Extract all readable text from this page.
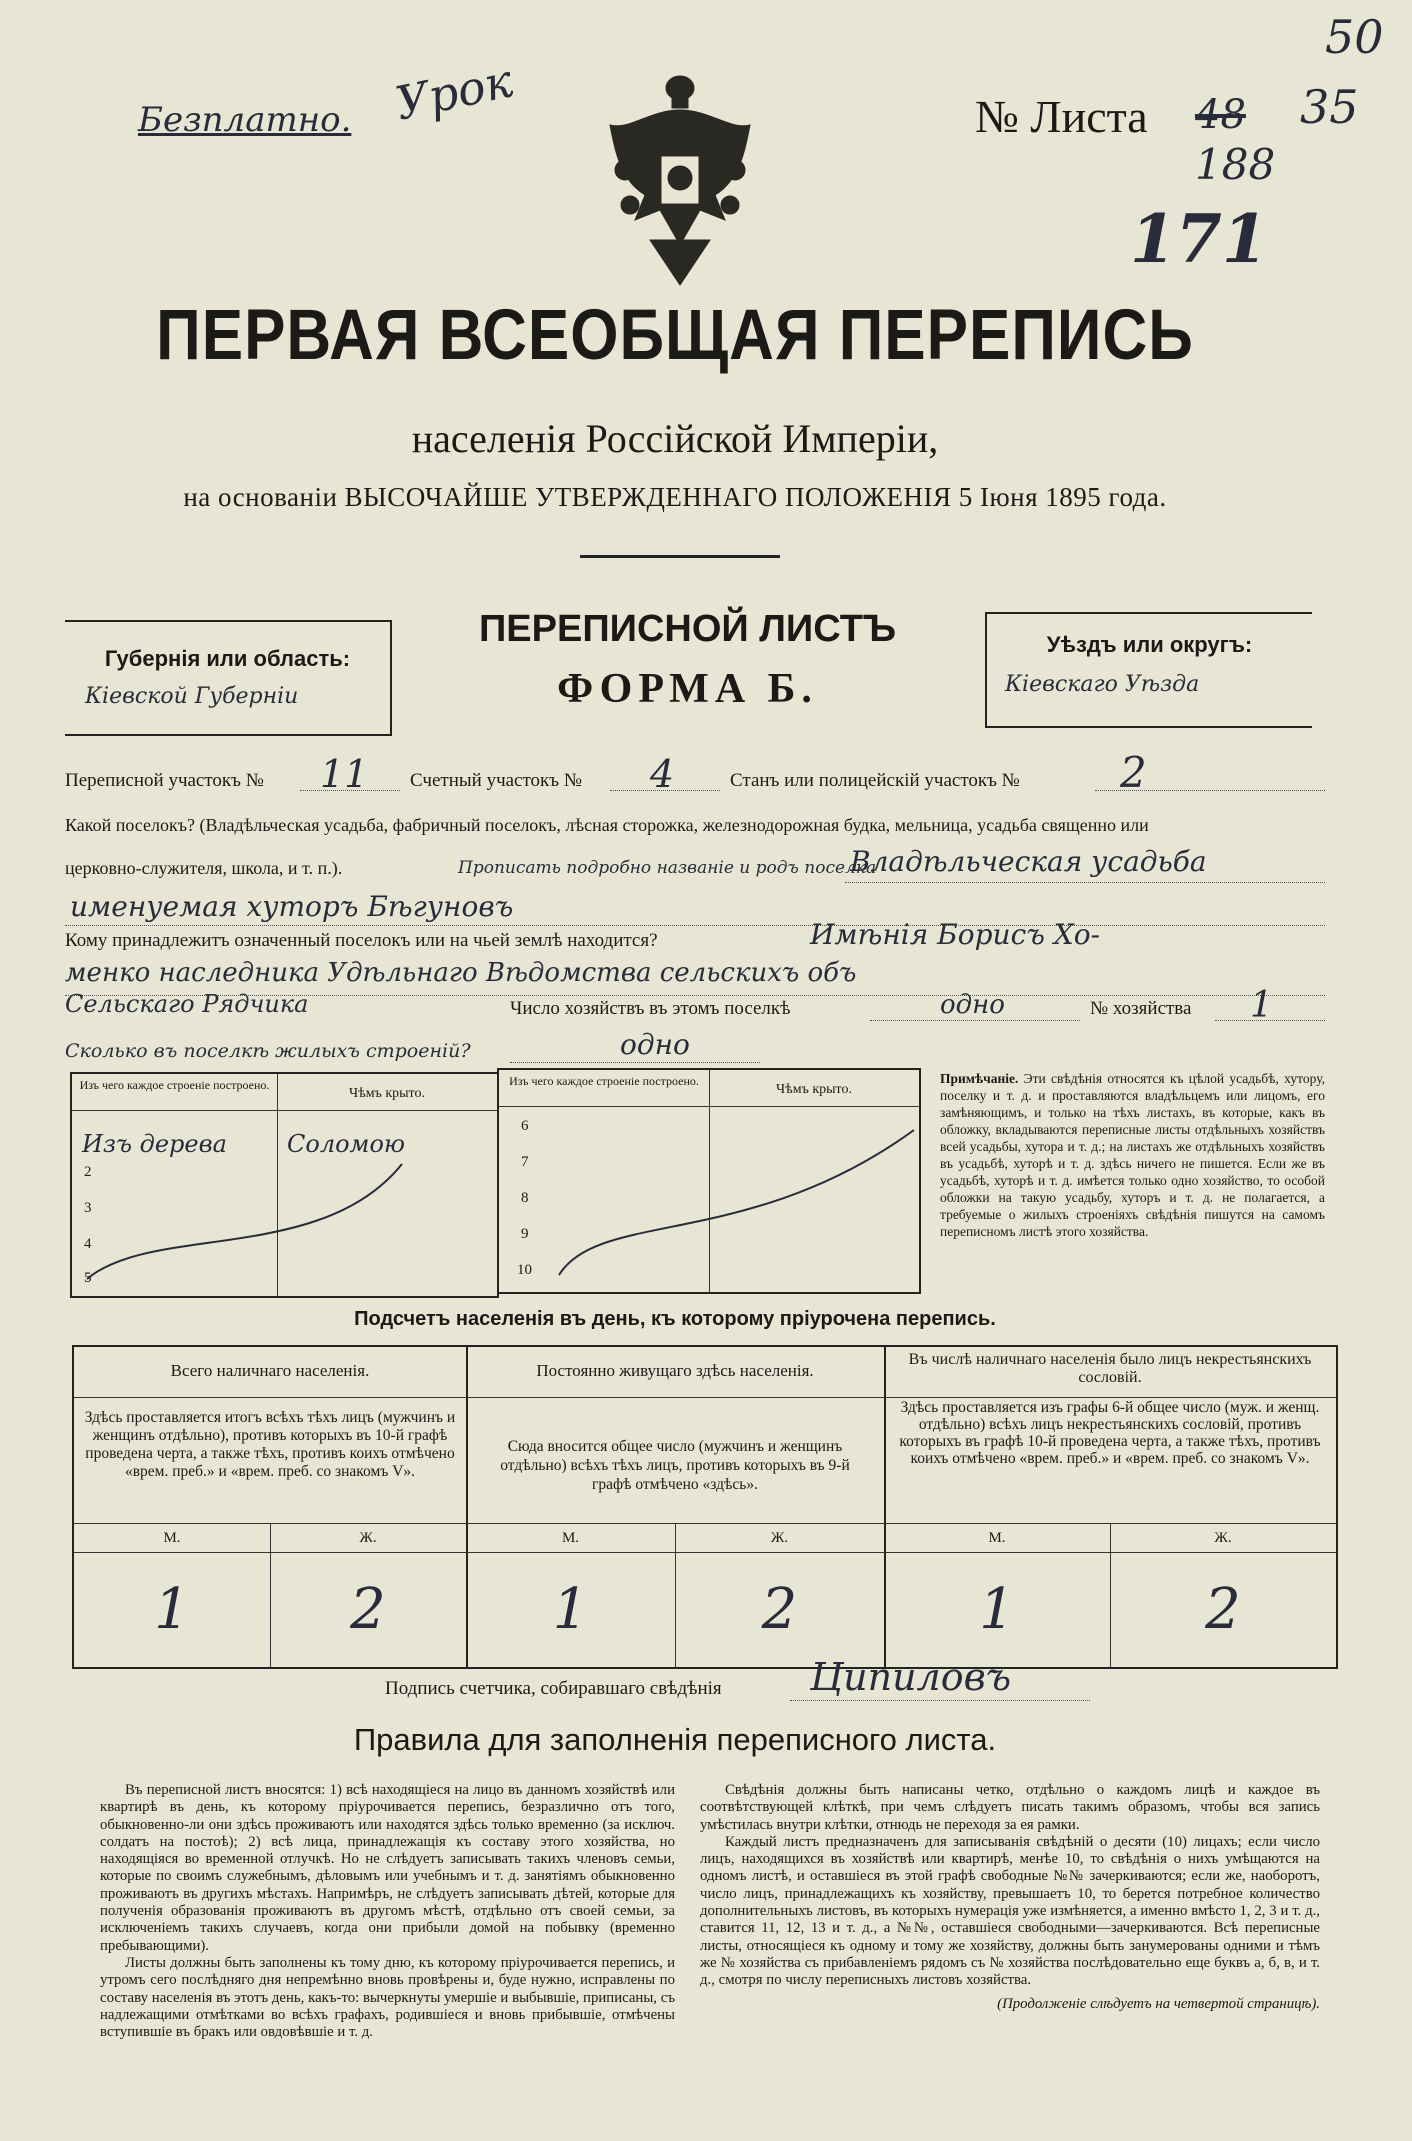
Безплатно. Урок	№ Листа 48
50
35
188
171
ПЕРВАЯ ВСЕОБЩАЯ ПЕРЕПИСЬ
населенія Россійской Имперіи,
на основаніи ВЫСОЧАЙШЕ УТВЕРЖДЕННАГО ПОЛОЖЕНІЯ 5 Іюня 1895 года.
Губернія или область:
Кіевской Губерніи
ПЕРЕПИСНОЙ ЛИСТЪ
ФОРМА Б.
Уѣздъ или округъ:
Кіевскаго Уѣзда
Переписной участокъ № 11 Счетный участокъ № 4	Станъ или полицейскій участокъ № 2
Какой поселокъ? (Владѣльческая усадьба, фабричный поселокъ, лѣсная сторожка, железнодорожная будка, мельница, усадьба священно или
церковно-служителя, школа, и т. п.).	Прописать подробно названіе и родъ поселка
Владѣльческая усадьба
именуемая хуторъ Бѣгуновъ
Кому принадлежитъ означенный поселокъ или на чьей землѣ находится?	Имѣнія Борисъ Хо-
менко наследника Удѣльнаго Вѣдомства сельскихъ объ
Сельскаго Рядчика	Число хозяйствъ въ этомъ поселкѣ	одно	№ хозяйства 1
Сколько въ поселкѣ жилыхъ строеній?	одно
Изъ чего каждое строеніе построено.
Чѣмъ крыто.
Изъ дерева	Соломою
2
3
4
5
Изъ чего каждое строеніе построено.
Чѣмъ крыто.
6
7
8
9
10
Примѣчаніе. Эти свѣдѣнія относятся къ цѣлой усадьбѣ, хутору, поселку и т. д. и проставляются владѣльцемъ или лицомъ, его замѣняющимъ, и только на тѣхъ листахъ, въ которые, какъ въ обложку, вкладываются переписные листы отдѣльныхъ хозяйствъ всей усадьбы, хутора и т. д.; на листахъ же отдѣльныхъ хозяйствъ въ усадьбѣ, хуторѣ и т. д. здѣсь ничего не пишется. Если же въ усадьбѣ, хуторѣ и т. д. имѣется только одно хозяйство, то особой обложки на такую усадьбу, хуторъ и т. д. не полагается, а требуемые о жилыхъ строеніяхъ свѣдѣнія пишутся на самомъ переписномъ листѣ этого хозяйства.
Подсчетъ населенія въ день, къ которому пріурочена перепись.
Всего наличнаго населенія.
Здѣсь проставляется итогъ всѣхъ тѣхъ лицъ (мужчинъ и женщинъ отдѣльно), противъ которыхъ въ 10-й графѣ проведена черта, а также тѣхъ, противъ коихъ отмѣчено «врем. преб.» и «врем. преб. со знакомъ V».
Постоянно живущаго здѣсь населенія.
Сюда вносится общее число (мужчинъ и женщинъ отдѣльно) всѣхъ тѣхъ лицъ, противъ которыхъ въ 9-й графѣ отмѣчено «здѣсь».
Въ числѣ наличнаго населенія было лицъ некрестьянскихъ сословій.
Здѣсь проставляется изъ графы 6-й общее число (муж. и женщ. отдѣльно) всѣхъ лицъ некрестьянскихъ сословій, противъ которыхъ въ графѣ 10-й проведена черта, а также тѣхъ, противъ коихъ отмѣчено «врем. преб.» и «врем. преб. со знакомъ V».
М.	Ж.	М.	Ж.	М.	Ж.
1	2	1	2	1	2
Подпись счетчика, собиравшаго свѣдѣнія Ципиловъ
Правила для заполненія переписного листа.
Въ переписной листъ вносятся: 1) всѣ находящіеся на лицо въ данномъ хозяйствѣ или квартирѣ въ день, къ которому пріурочивается перепись, безразлично отъ того, обыкновенно-ли они здѣсь проживаютъ или находятся здѣсь только временно (за исключ. солдатъ на постоѣ); 2) всѣ лица, принадлежащія къ составу этого хозяйства, но находящіяся во временной отлучкѣ. Но не слѣдуетъ записывать такихъ членовъ семьи, которые по своимъ служебнымъ, дѣловымъ или учебнымъ и т. д. занятіямъ обыкновенно проживаютъ въ другихъ мѣстахъ. Напримѣръ, не слѣдуетъ записывать дѣтей, которые для полученія образованія проживаютъ въ другомъ мѣстѣ, отдѣльно отъ своей семьи, за исключеніемъ такихъ случаевъ, когда они прибыли домой на побывку (временно пребывающими).
Листы должны быть заполнены къ тому дню, къ которому пріурочивается перепись, и утромъ сего послѣдняго дня непремѣнно вновь провѣрены и, буде нужно, исправлены по составу населенія въ этотъ день, какъ-то: вычеркнуты умершіе и выбывшіе, приписаны, съ надлежащими отмѣтками во всѣхъ графахъ, родившіеся и вновь прибывшіе, отмѣчены вступившіе въ бракъ или овдовѣвшіе и т. д.
Свѣдѣнія должны быть написаны четко, отдѣльно о каждомъ лицѣ и каждое въ соотвѣтствующей клѣткѣ, при чемъ слѣдуетъ писать такимъ образомъ, чтобы вся запись умѣстилась внутри клѣтки, отнюдь не переходя за ея рамки.
Каждый листъ предназначенъ для записыванія свѣдѣній о десяти (10) лицахъ; если число лицъ, находящихся въ хозяйствѣ или квартирѣ, менѣе 10, то свѣдѣнія о нихъ умѣщаются на одномъ листѣ, и оставшіеся въ этой графѣ свободные №№ зачеркиваются; если же, наоборотъ, число лицъ, принадлежащихъ къ хозяйству, превышаетъ 10, то берется потребное количество дополнительныхъ листовъ, въ которыхъ нумерація уже измѣняется, а именно вмѣсто 1, 2, 3 и т. д., ставится 11, 12, 13 и т. д., а №№, оставшіеся свободными—зачеркиваются. Всѣ переписные листы, относящіеся къ одному и тому же хозяйству, должны быть занумерованы одними и тѣмъ же № хозяйства съ прибавленіемъ рядомъ съ № хозяйства послѣдовательно еще буквъ а, б, в, и т. д., смотря по числу переписныхъ листовъ хозяйства.
(Продолженіе слѣдуетъ на четвертой страницѣ).
